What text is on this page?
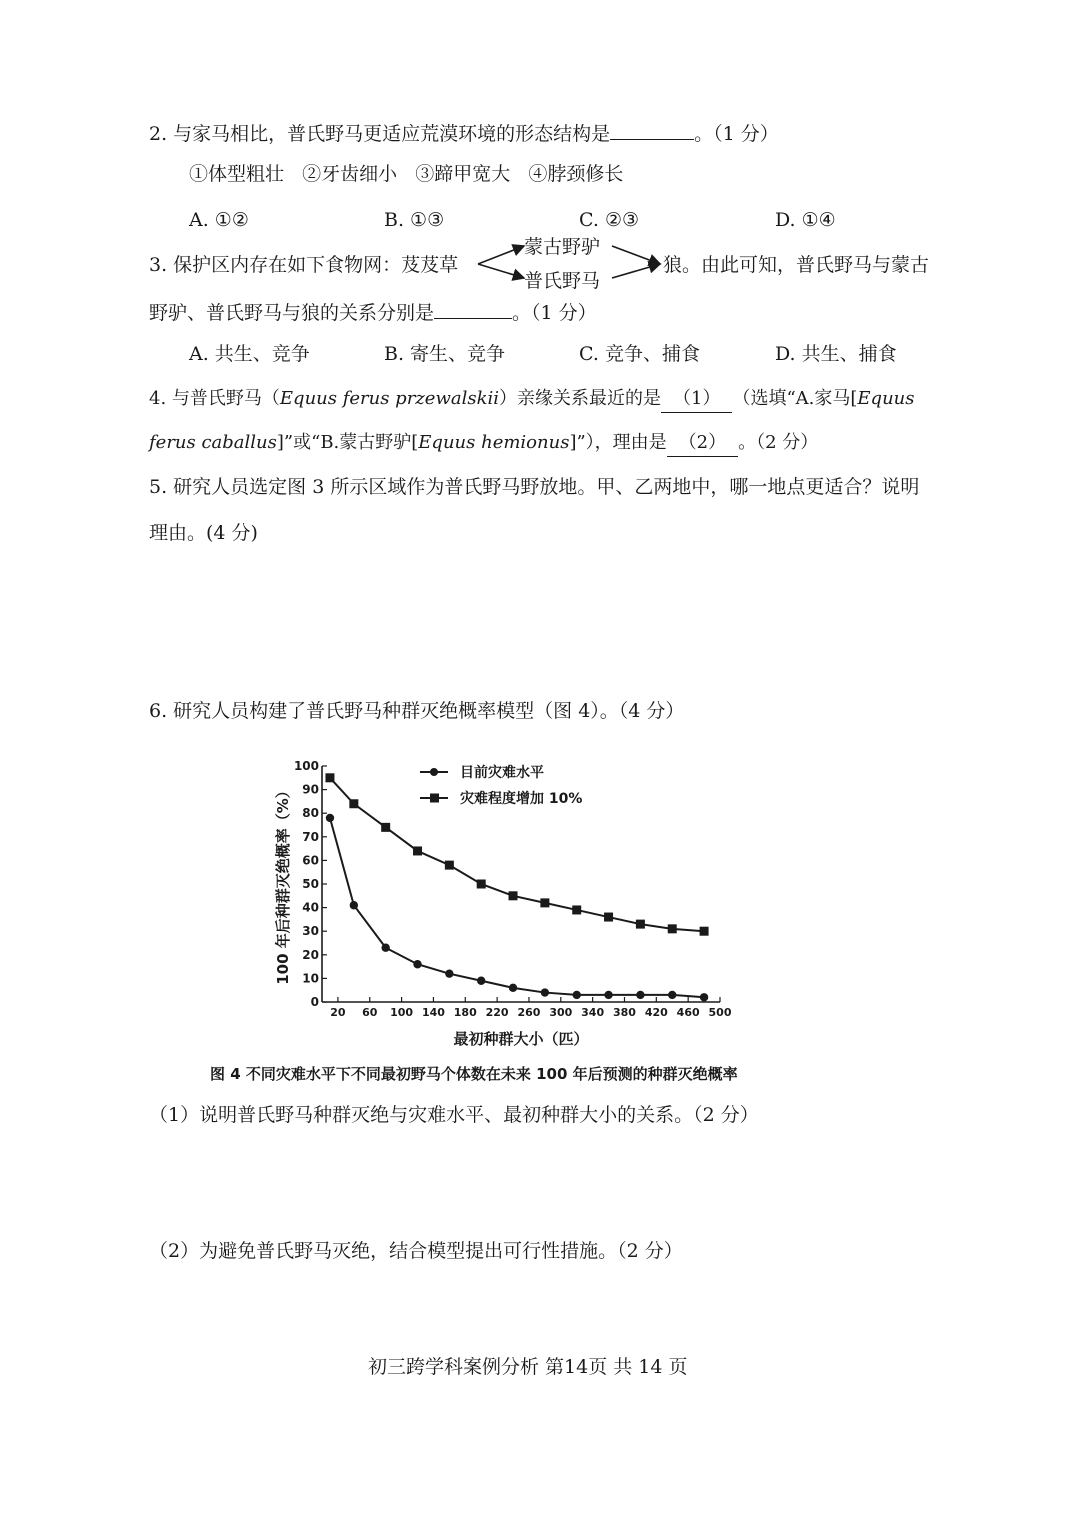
2. 与家马相比，普氏野马更适应荒漠环境的形态结构是	。（1 分）
①体型粗壮 ②牙齿细小 ③蹄甲宽大 ④脖颈修长
A. ①②	B. ①③	C. ②③	D. ①④
3. 保护区内存在如下食物网：芨芨草
蒙古野驴
普氏野马
狼。由此可知，普氏野马与蒙古
野驴、普氏野马与狼的关系分别是	。（1 分）
A. 共生、竞争	B. 寄生、竞争	C. 竞争、捕食	D. 共生、捕食
4. 与普氏野马（Equus ferus przewalskii）亲缘关系最近的是 （1） （选填“A.家马[Equus
ferus caballus]”或“B.蒙古野驴[Equus hemionus]”），理由是 （2） 。（2 分）
5. 研究人员选定图 3 所示区域作为普氏野马野放地。甲、乙两地中，哪一地点更适合？说明
理由。(4 分)
6. 研究人员构建了普氏野马种群灭绝概率模型（图 4）。（4 分）
0
10
20
30
40
50
60
70
80
90
100
20 60 100 140 180 220 260 300 340 380 420 460 500
最初种群大小（匹）
100 年后种群灭绝概率（%）
目前灾难水平
灾难程度增加 10%
图 4 不同灾难水平下不同最初野马个体数在未来 100 年后预测的种群灭绝概率
（1）说明普氏野马种群灭绝与灾难水平、最初种群大小的关系。（2 分）
（2）为避免普氏野马灭绝，结合模型提出可行性措施。（2 分）
初三跨学科案例分析 第14页 共 14 页
